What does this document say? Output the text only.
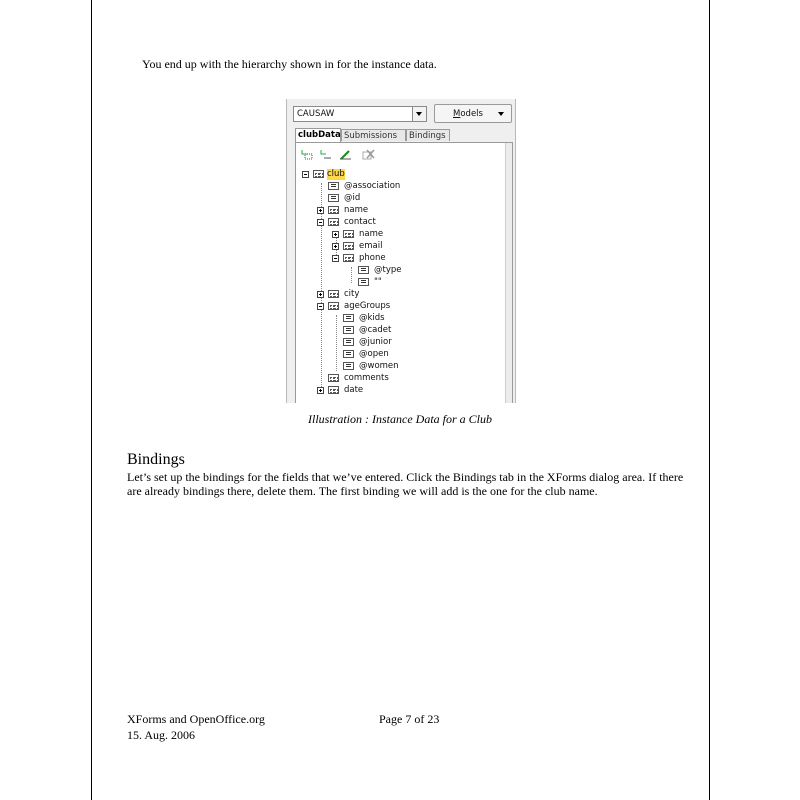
You end up with the hierarchy shown in for the instance data.
CAUSAW	Models
clubData Submissions	Bindings
club
@association
@id
name
contact
name
email
phone
@type
""
city
ageGroups
@kids
@cadet
@junior
@open
@women
comments
date
Illustration : Instance Data for a Club
Bindings
Let’s set up the bindings for the fields that we’ve entered. Click the Bindings tab in the XForms dialog area. If there are already bindings there, delete them. The first binding we will add is the one for the club name.
XForms and OpenOffice.org	Page 7 of 23
15. Aug. 2006
